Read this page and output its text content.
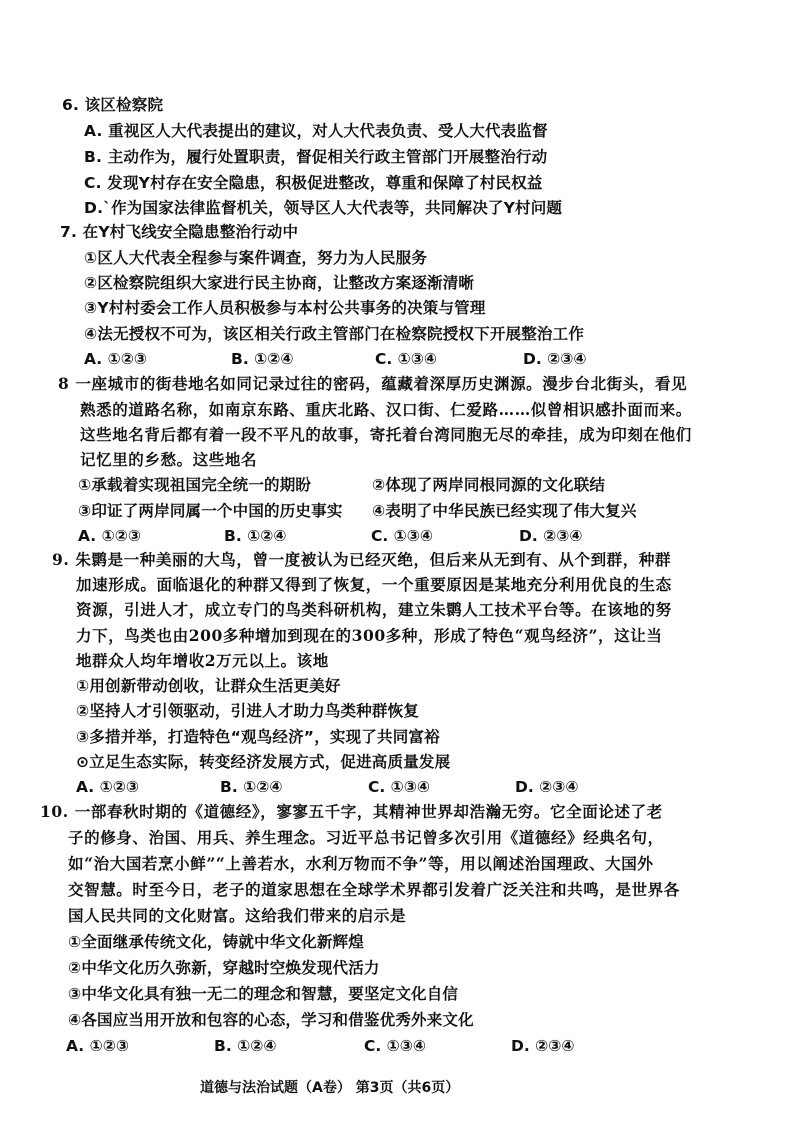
6. 该区检察院
A. 重视区人大代表提出的建议，对人大代表负责、受人大代表监督
B. 主动作为，履行处置职责，督促相关行政主管部门开展整治行动
C. 发现Y村存在安全隐患，积极促进整改，尊重和保障了村民权益
D.`作为国家法律监督机关，领导区人大代表等，共同解决了Y村问题
7. 在Y村飞线安全隐患整治行动中
①区人大代表全程参与案件调查，努力为人民服务
②区检察院组织大家进行民主协商，让整改方案逐渐清晰
③Y村村委会工作人员积极参与本村公共事务的决策与管理
④法无授权不可为，该区相关行政主管部门在检察院授权下开展整治工作
A. ①②③	B. ①②④	C. ①③④	D. ②③④
8 一座城市的街巷地名如同记录过往的密码，蕴藏着深厚历史渊源。漫步台北街头，看见
熟悉的道路名称，如南京东路、重庆北路、汉口街、仁爱路……似曾相识感扑面而来。
这些地名背后都有着一段不平凡的故事，寄托着台湾同胞无尽的牵挂，成为印刻在他们
记忆里的乡愁。这些地名
①承载着实现祖国完全统一的期盼	②体现了两岸同根同源的文化联结
③印证了两岸同属一个中国的历史事实 ④表明了中华民族已经实现了伟大复兴
A. ①②③	B. ①②④	C. ①③④	D. ②③④
9. 朱鹮是一种美丽的大鸟，曾一度被认为已经灭绝，但后来从无到有、从个到群，种群
加速形成。面临退化的种群又得到了恢复，一个重要原因是某地充分利用优良的生态
资源，引进人才，成立专门的鸟类科研机构，建立朱鹮人工技术平台等。在该地的努
力下，鸟类也由200多种增加到现在的300多种，形成了特色“观鸟经济”，这让当
地群众人均年增收2万元以上。该地
①用创新带动创收，让群众生活更美好
②坚持人才引领驱动，引进人才助力鸟类种群恢复
③多措并举，打造特色“观鸟经济”，实现了共同富裕
⊙立足生态实际，转变经济发展方式，促进高质量发展
A. ①②③	B. ①②④	C. ①③④	D. ②③④
10. 一部春秋时期的《道德经》，寥寥五千字，其精神世界却浩瀚无穷。它全面论述了老
子的修身、治国、用兵、养生理念。习近平总书记曾多次引用《道德经》经典名句，
如“治大国若烹小鲜”“上善若水，水利万物而不争”等，用以阐述治国理政、大国外
交智慧。时至今日，老子的道家思想在全球学术界都引发着广泛关注和共鸣，是世界各
国人民共同的文化财富。这给我们带来的启示是
①全面继承传统文化，铸就中华文化新辉煌
②中华文化历久弥新，穿越时空焕发现代活力
③中华文化具有独一无二的理念和智慧，要坚定文化自信
④各国应当用开放和包容的心态，学习和借鉴优秀外来文化
A. ①②③	B. ①②④	C. ①③④	D. ②③④
道德与法治试题（A卷） 第3页（共6页）
